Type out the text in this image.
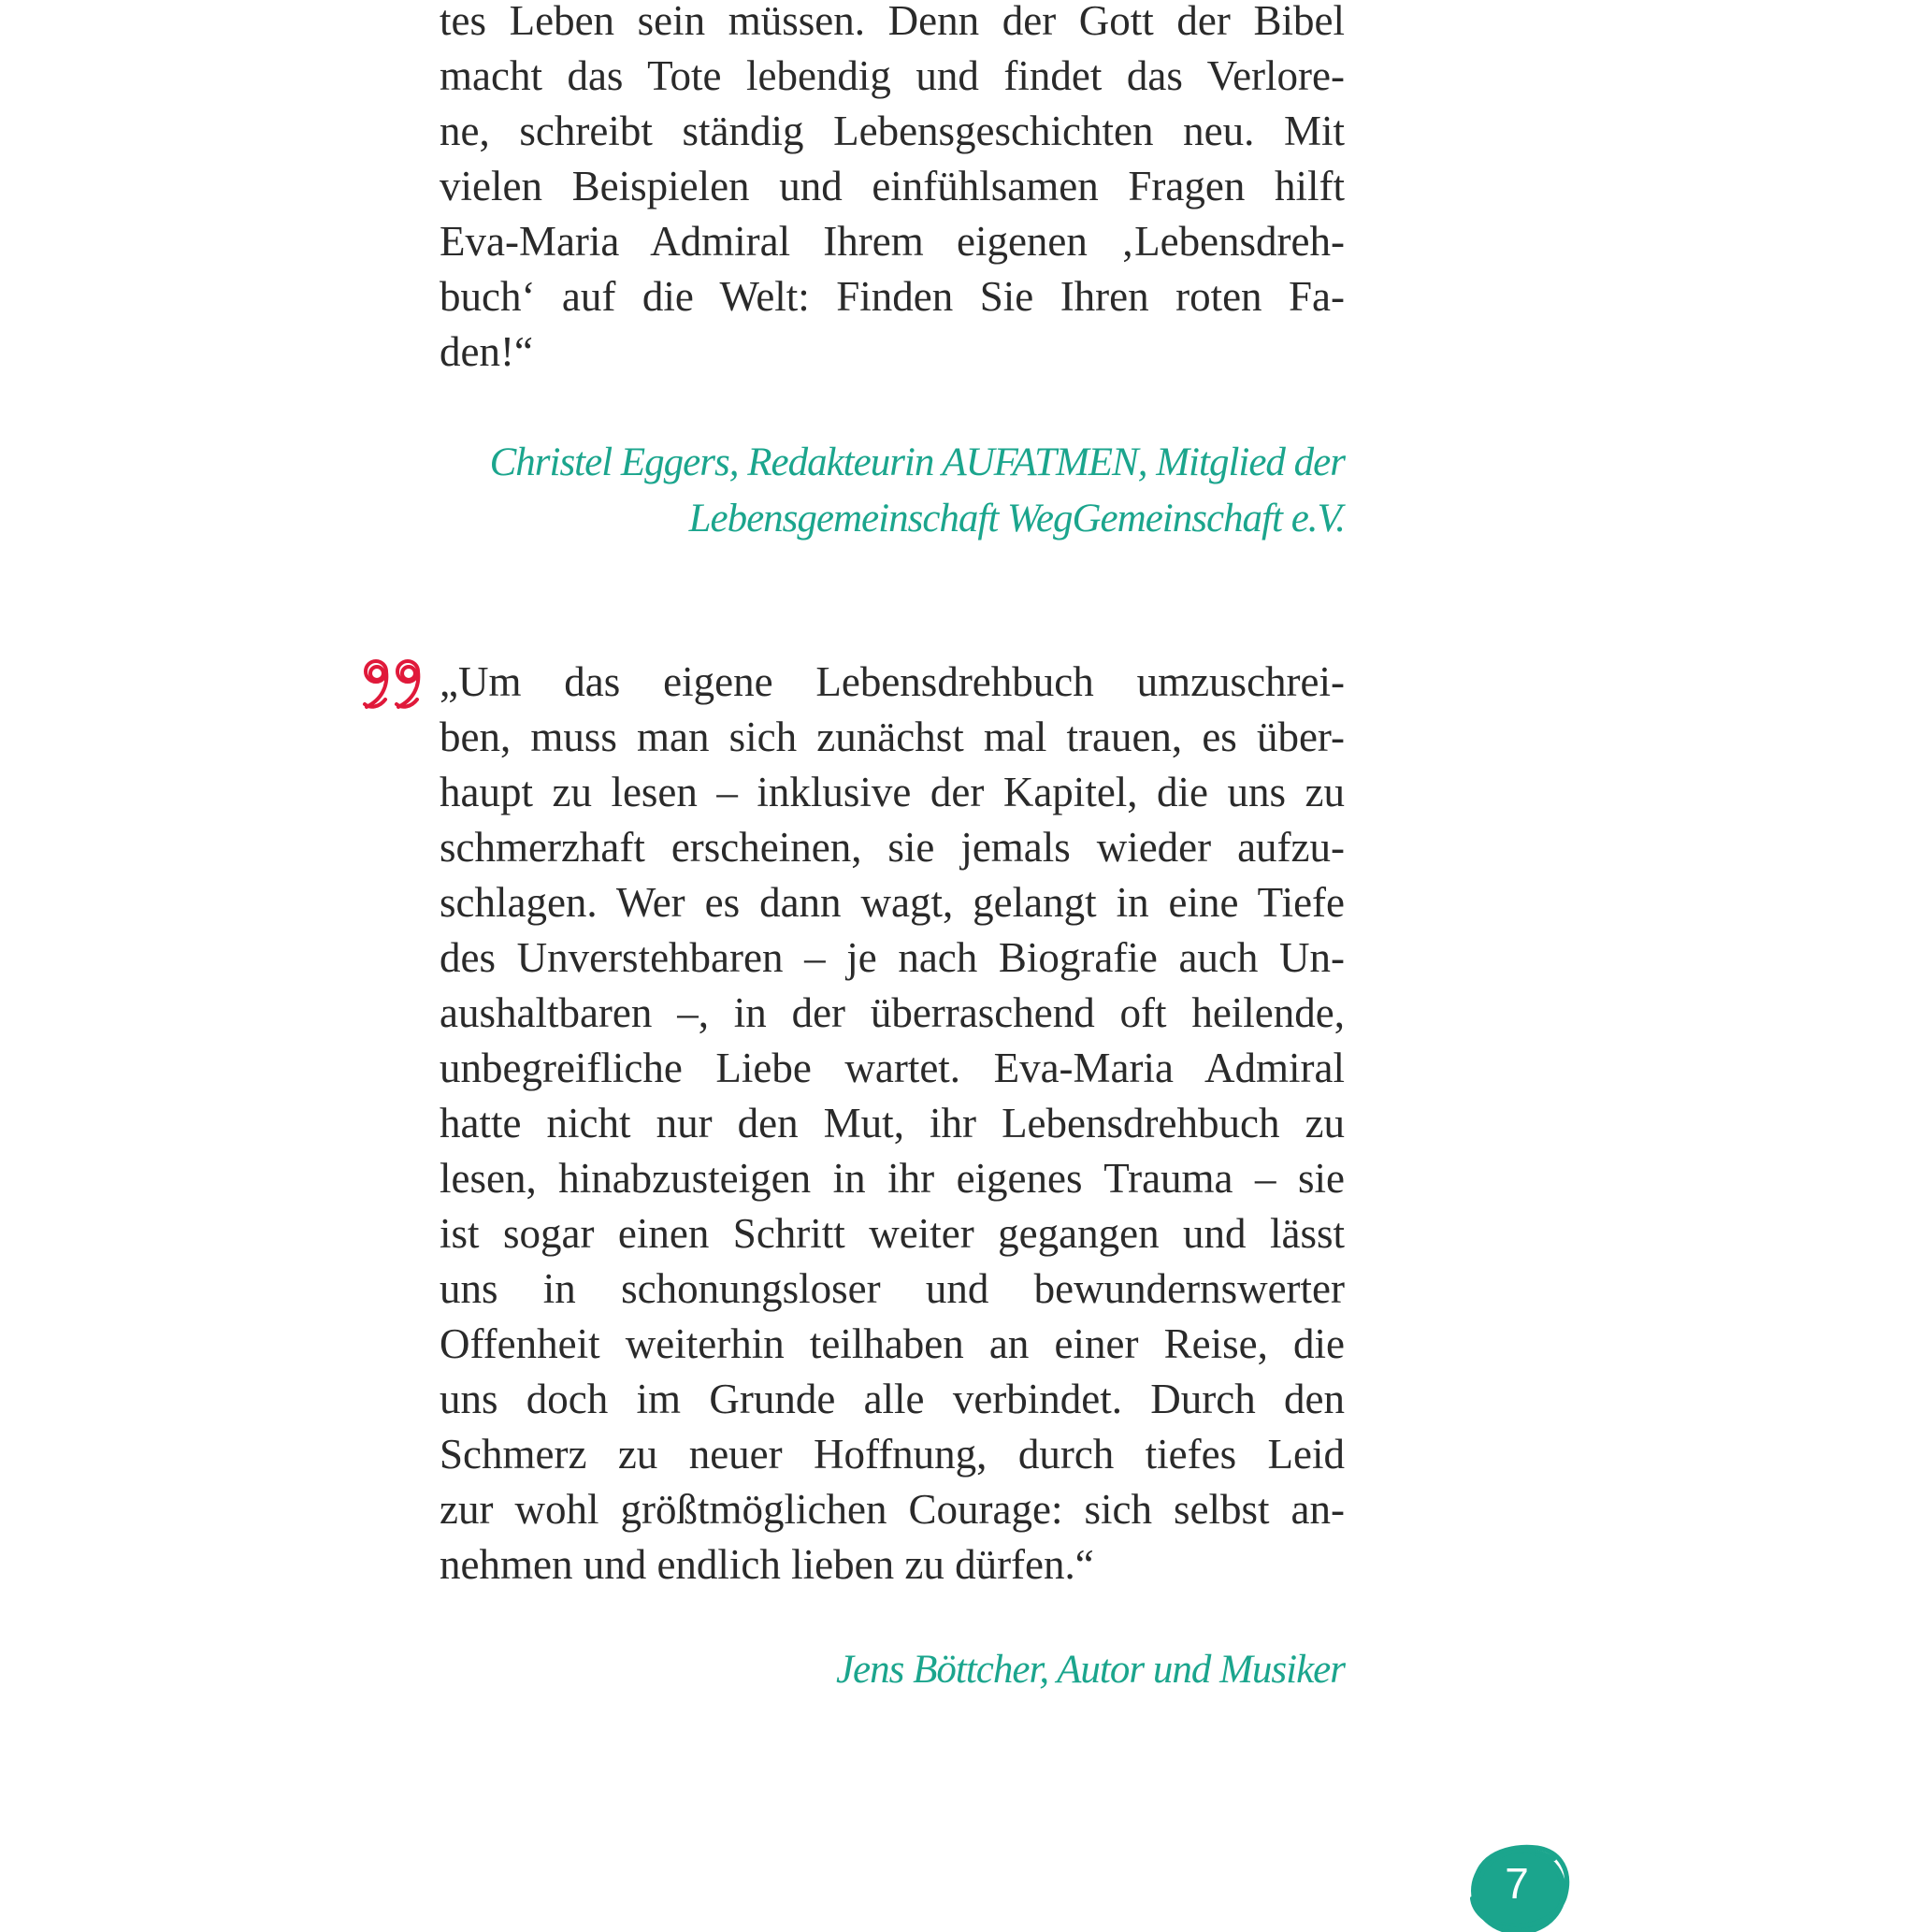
tes Leben sein müssen. Denn der Gott der Bibel
macht das Tote lebendig und findet das Verlore-
ne, schreibt ständig Lebensgeschichten neu. Mit
vielen Beispielen und einfühlsamen Fragen hilft
Eva-Maria Admiral Ihrem eigenen ‚Lebensdreh-
buch‘ auf die Welt: Finden Sie Ihren roten Fa-
den!“
Christel Eggers, Redakteurin AUFATMEN, Mitglied der
Lebensgemeinschaft WegGemeinschaft e.V.
„Um das eigene Lebensdrehbuch umzuschrei-
ben, muss man sich zunächst mal trauen, es über-
haupt zu lesen – inklusive der Kapitel, die uns zu
schmerzhaft erscheinen, sie jemals wieder aufzu-
schlagen. Wer es dann wagt, gelangt in eine Tiefe
des Unverstehbaren – je nach Biografie auch Un-
aushaltbaren –, in der überraschend oft heilende,
unbegreifliche Liebe wartet. Eva-Maria Admiral
hatte nicht nur den Mut, ihr Lebensdrehbuch zu
lesen, hinabzusteigen in ihr eigenes Trauma – sie
ist sogar einen Schritt weiter gegangen und lässt
uns in schonungsloser und bewundernswerter
Offenheit weiterhin teilhaben an einer Reise, die
uns doch im Grunde alle verbindet. Durch den
Schmerz zu neuer Hoffnung, durch tiefes Leid
zur wohl größtmöglichen Courage: sich selbst an-
nehmen und endlich lieben zu dürfen.“
Jens Böttcher, Autor und Musiker
7
